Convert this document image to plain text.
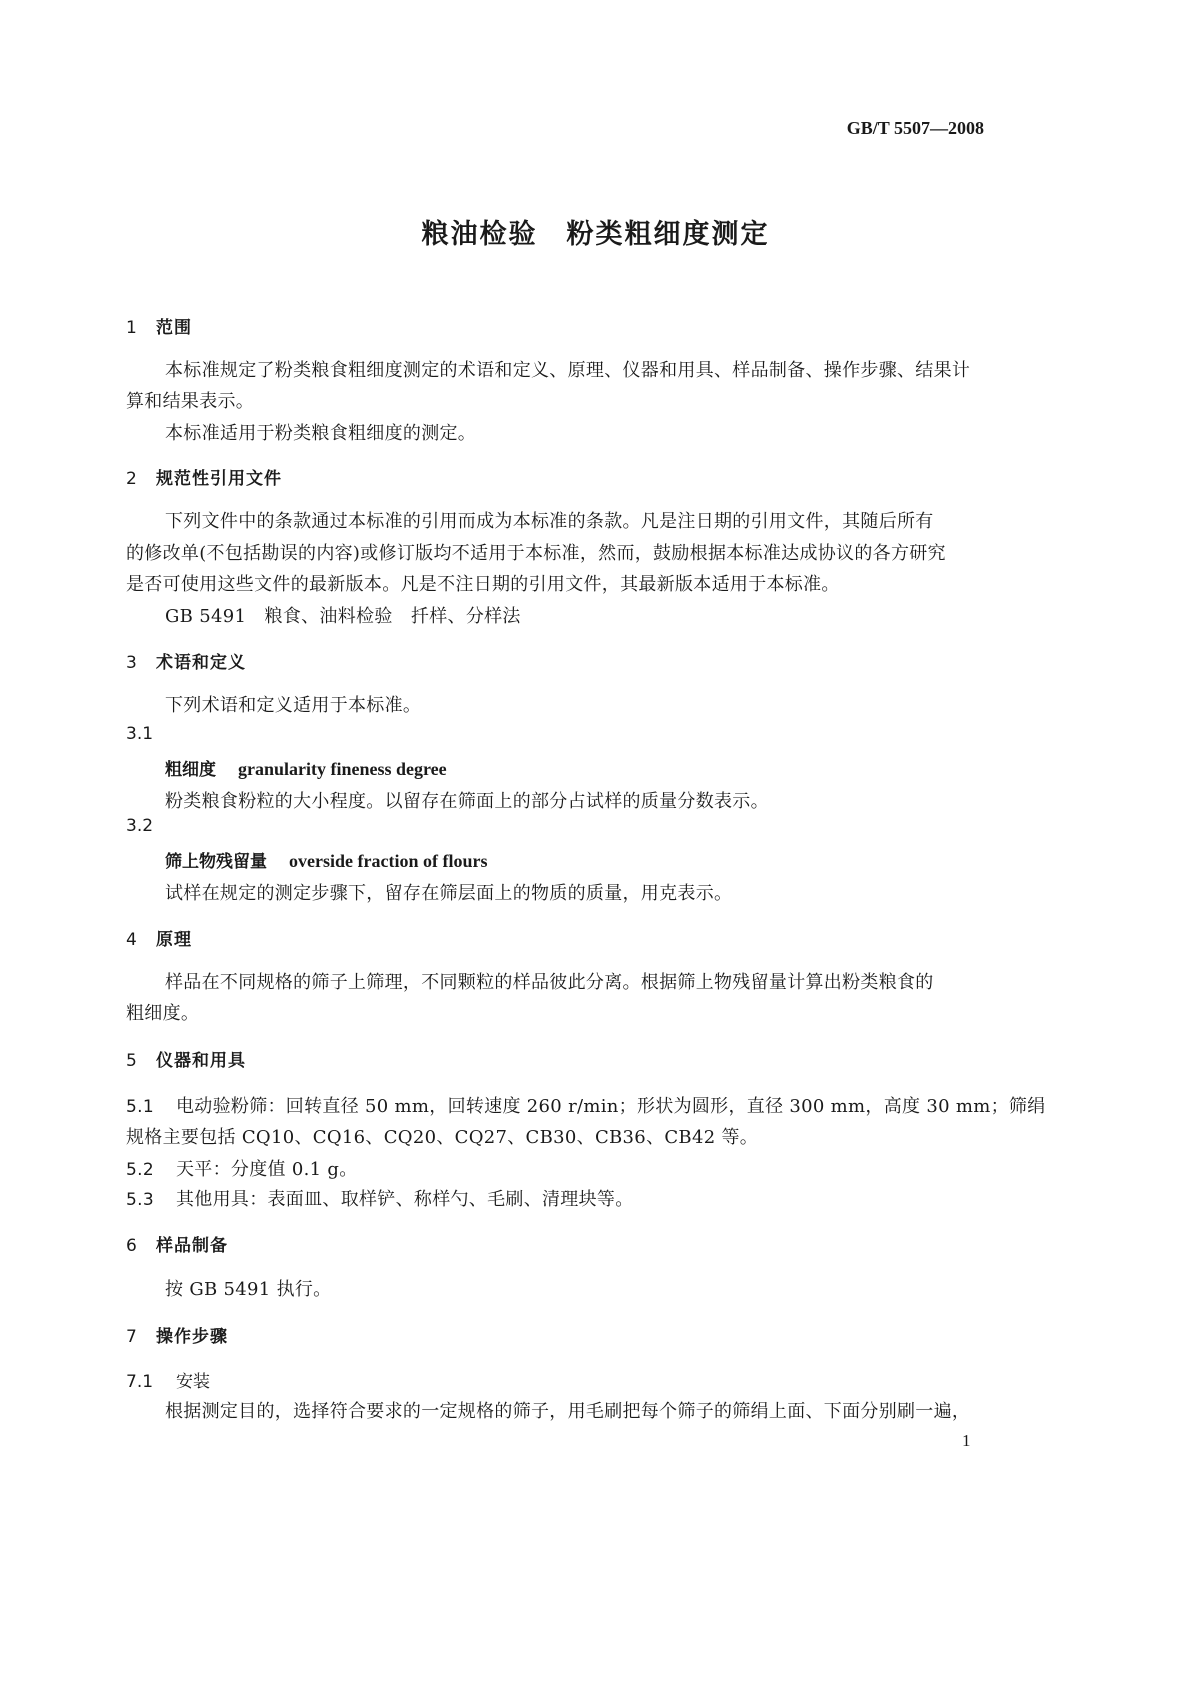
GB/T 5507—2008
粮油检验　粉类粗细度测定
1 范围
本标准规定了粉类粮食粗细度测定的术语和定义、原理、仪器和用具、样品制备、操作步骤、结果计
算和结果表示。
本标准适用于粉类粮食粗细度的测定。
2 规范性引用文件
下列文件中的条款通过本标准的引用而成为本标准的条款。凡是注日期的引用文件，其随后所有
的修改单(不包括勘误的内容)或修订版均不适用于本标准，然而，鼓励根据本标准达成协议的各方研究
是否可使用这些文件的最新版本。凡是不注日期的引用文件，其最新版本适用于本标准。
GB 5491　粮食、油料检验　扦样、分样法
3 术语和定义
下列术语和定义适用于本标准。
3.1
粗细度 granularity fineness degree
粉类粮食粉粒的大小程度。以留存在筛面上的部分占试样的质量分数表示。
3.2
筛上物残留量 overside fraction of flours
试样在规定的测定步骤下，留存在筛层面上的物质的质量，用克表示。
4 原理
样品在不同规格的筛子上筛理，不同颗粒的样品彼此分离。根据筛上物残留量计算出粉类粮食的
粗细度。
5 仪器和用具
5.1 电动验粉筛：回转直径 50 mm，回转速度 260 r/min；形状为圆形，直径 300 mm，高度 30 mm；筛绢
规格主要包括 CQ10、CQ16、CQ20、CQ27、CB30、CB36、CB42 等。
5.2 天平：分度值 0.1 g。
5.3 其他用具：表面皿、取样铲、称样勺、毛刷、清理块等。
6 样品制备
按 GB 5491 执行。
7 操作步骤
7.1 安装
根据测定目的，选择符合要求的一定规格的筛子，用毛刷把每个筛子的筛绢上面、下面分别刷一遍，
1
